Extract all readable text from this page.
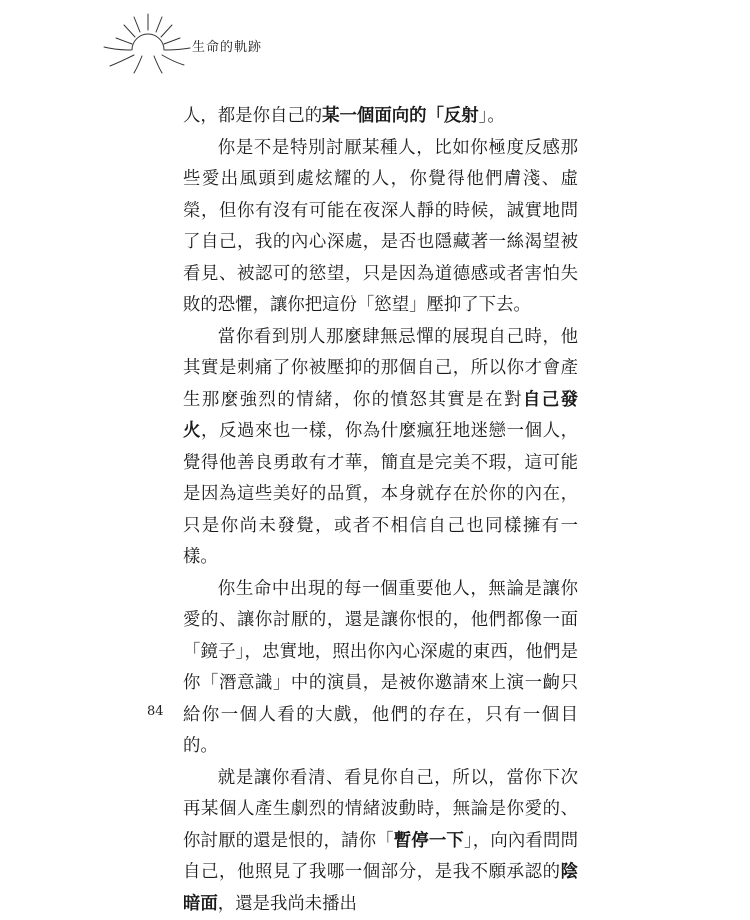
生命的軌跡

人，都是你自己的某一個面向的「反射」。

你是不是特別討厭某種人，比如你極度反感那些愛出風頭到處炫耀的人，你覺得他們膚淺、虛榮，但你有沒有可能在夜深人靜的時候，誠實地問了自己，我的內心深處，是否也隱藏著一絲渴望被看見、被認可的慾望，只是因為道德感或者害怕失敗的恐懼，讓你把這份「慾望」壓抑了下去。

當你看到別人那麼肆無忌憚的展現自己時，他其實是刺痛了你被壓抑的那個自己，所以你才會產生那麼強烈的情緒，你的憤怒其實是在對自己發火，反過來也一樣，你為什麼瘋狂地迷戀一個人，覺得他善良勇敢有才華，簡直是完美不瑕，這可能是因為這些美好的品質，本身就存在於你的內在，只是你尚未發覺，或者不相信自己也同樣擁有一樣。

你生命中出現的每一個重要他人，無論是讓你愛的、讓你討厭的，還是讓你恨的，他們都像一面「鏡子」，忠實地，照出你內心深處的東西，他們是你「潛意識」中的演員，是被你邀請來上演一齣只給你一個人看的大戲，他們的存在，只有一個目的。

就是讓你看清、看見你自己，所以，當你下次再某個人產生劇烈的情緒波動時，無論是你愛的、你討厭的還是恨的，請你「暫停一下」，向內看問問自己，他照見了我哪一個部分，是我不願承認的陰暗面，還是我尚未播出

84
